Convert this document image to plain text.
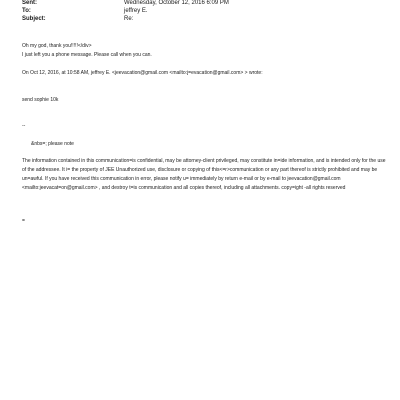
Sent:	Wednesday, October 12, 2016 6:09 PM
To:	jeffrey E.
Subject:	Re:
Oh my god, thank you!!!!!</div>
I just left you a phone message. Please call when you can.
On Oct 12, 2016, at 10:58 AM, jeffrey E. <jeevacation@gmail.com <mailto:j=evacation@gmail.com> > wrote:
send sophie 10k
--
&nbs=; please note
The information contained in this communication=is confidential, may be attorney-client privileged, may constitute in=ide information, and is intended only for the use of the addressee. It i= the property of JEE Unauthorized use, disclosure or copying of this<=r>communication or any part thereof is strictly prohibited and may be un=awful. If you have received this communication in error, please notify u= immediately by return e-mail or by e-mail to jeevacation@gmail.com <mailto:jeevacat=on@gmail.com> , and destroy t=is communication and all copies thereof, including all attachments. copy=ight -all rights reserved
=
